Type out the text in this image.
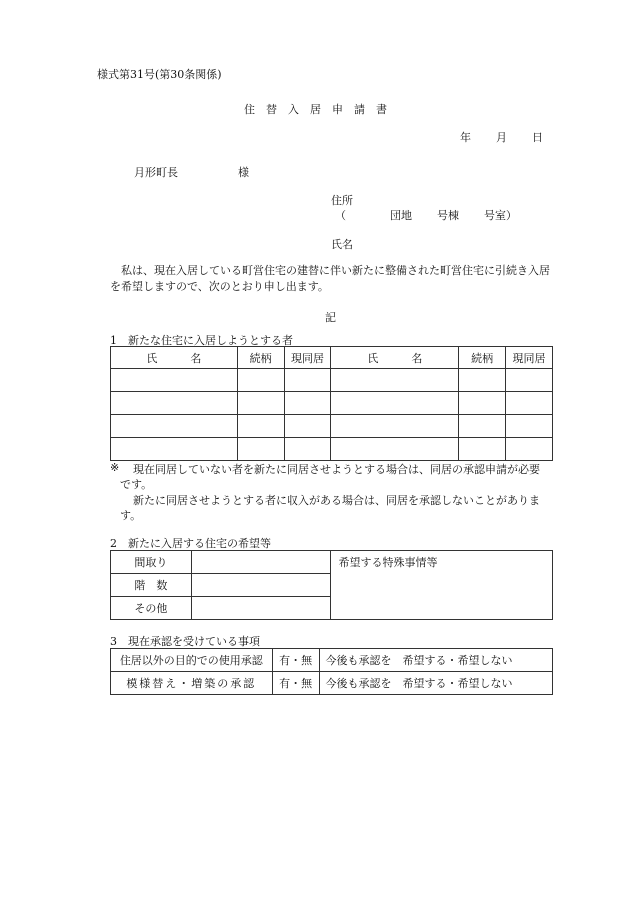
様式第31号(第30条関係)
住　替　入　居　申　請　書
年 月 日
月形町長	様
住所
（	団地 号棟 号室）
氏名
私は、現在入居している町営住宅の建替に伴い新たに整備された町営住宅に引続き入居を希望しますので、次のとおり申し出ます。
記
1　新たな住宅に入居しようとする者
氏　　　名	続柄	現同居	氏　　　名	続柄	現同居

※ 現在同居していない者を新たに同居させようとする場合は、同居の承認申請が必要
です。
新たに同居させようとする者に収入がある場合は、同居を承認しないことがありま
す。
2　新たに入居する住宅の希望等
間取り		希望する特殊事情等
階　数		
その他		
3　現在承認を受けている事項
住居以外の目的での使用承認	有・無	今後も承認を　希望する・希望しない
模様替え・増築の承認	有・無	今後も承認を　希望する・希望しない
